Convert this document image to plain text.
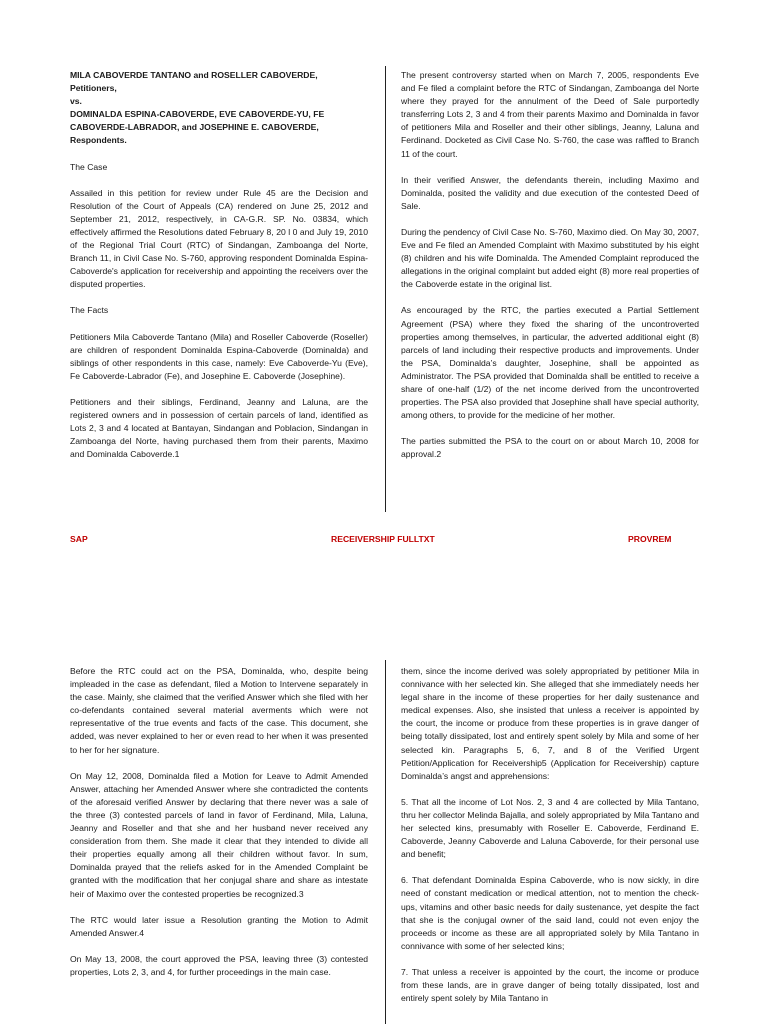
MILA CABOVERDE TANTANO and ROSELLER CABOVERDE,

Petitioners,

vs.

DOMINALDA ESPINA-CABOVERDE, EVE CABOVERDE-YU, FE

CABOVERDE-LABRADOR, and JOSEPHINE E. CABOVERDE,

Respondents.

The Case

Assailed in this petition for review under Rule 45 are the Decision and Resolution of the Court of Appeals (CA) rendered on June 25, 2012 and September 21, 2012, respectively, in CA-G.R. SP. No. 03834, which effectively affirmed the Resolutions dated February 8, 20 l 0 and July 19, 2010 of the Regional Trial Court (RTC) of Sindangan, Zamboanga del Norte, Branch 11, in Civil Case No. S-760, approving respondent Dominalda Espina-Caboverde's application for receivership and appointing the receivers over the disputed properties.

The Facts

Petitioners Mila Caboverde Tantano (Mila) and Roseller Caboverde (Roseller) are children of respondent Dominalda Espina-Caboverde (Dominalda) and siblings of other respondents in this case, namely: Eve Caboverde-Yu (Eve), Fe Caboverde-Labrador (Fe), and Josephine E. Caboverde (Josephine).

Petitioners and their siblings, Ferdinand, Jeanny and Laluna, are the registered owners and in possession of certain parcels of land, identified as Lots 2, 3 and 4 located at Bantayan, Sindangan and Poblacion, Sindangan in Zamboanga del Norte, having purchased them from their parents, Maximo and Dominalda Caboverde.1

The present controversy started when on March 7, 2005, respondents Eve and Fe filed a complaint before the RTC of Sindangan, Zamboanga del Norte where they prayed for the annulment of the Deed of Sale purportedly transferring Lots 2, 3 and 4 from their parents Maximo and Dominalda in favor of petitioners Mila and Roseller and their other siblings, Jeanny, Laluna and Ferdinand. Docketed as Civil Case No. S-760, the case was raffled to Branch 11 of the court.

In their verified Answer, the defendants therein, including Maximo and Dominalda, posited the validity and due execution of the contested Deed of Sale.

During the pendency of Civil Case No. S-760, Maximo died. On May 30, 2007, Eve and Fe filed an Amended Complaint with Maximo substituted by his eight (8) children and his wife Dominalda. The Amended Complaint reproduced the allegations in the original complaint but added eight (8) more real properties of the Caboverde estate in the original list.

As encouraged by the RTC, the parties executed a Partial Settlement Agreement (PSA) where they fixed the sharing of the uncontroverted properties among themselves, in particular, the adverted additional eight (8) parcels of land including their respective products and improvements. Under the PSA, Dominalda’s daughter, Josephine, shall be appointed as Administrator. The PSA provided that Dominalda shall be entitled to receive a share of one-half (1/2) of the net income derived from the uncontroverted properties. The PSA also provided that Josephine shall have special authority, among others, to provide for the medicine of her mother.

The parties submitted the PSA to the court on or about March 10, 2008 for approval.2

SAP	RECEIVERSHIP FULLTXT	PROVREM

Before the RTC could act on the PSA, Dominalda, who, despite being impleaded in the case as defendant, filed a Motion to Intervene separately in the case. Mainly, she claimed that the verified Answer which she filed with her co-defendants contained several material averments which were not representative of the true events and facts of the case. This document, she added, was never explained to her or even read to her when it was presented to her for her signature.

On May 12, 2008, Dominalda filed a Motion for Leave to Admit Amended Answer, attaching her Amended Answer where she contradicted the contents of the aforesaid verified Answer by declaring that there never was a sale of the three (3) contested parcels of land in favor of Ferdinand, Mila, Laluna, Jeanny and Roseller and that she and her husband never received any consideration from them. She made it clear that they intended to divide all their properties equally among all their children without favor. In sum, Dominalda prayed that the reliefs asked for in the Amended Complaint be granted with the modification that her conjugal share and share as intestate heir of Maximo over the contested properties be recognized.3

The RTC would later issue a Resolution granting the Motion to Admit Amended Answer.4

On May 13, 2008, the court approved the PSA, leaving three (3) contested properties, Lots 2, 3, and 4, for further proceedings in the main case.

them, since the income derived was solely appropriated by petitioner Mila in connivance with her selected kin. She alleged that she immediately needs her legal share in the income of these properties for her daily sustenance and medical expenses. Also, she insisted that unless a receiver is appointed by the court, the income or produce from these properties is in grave danger of being totally dissipated, lost and entirely spent solely by Mila and some of her selected kin. Paragraphs 5, 6, 7, and 8 of the Verified Urgent Petition/Application for Receivership5 (Application for Receivership) capture Dominalda’s angst and apprehensions:

5. That all the income of Lot Nos. 2, 3 and 4 are collected by Mila Tantano, thru her collector Melinda Bajalla, and solely appropriated by Mila Tantano and her selected kins, presumably with Roseller E. Caboverde, Ferdinand E. Caboverde, Jeanny Caboverde and Laluna Caboverde, for their personal use and benefit;

6. That defendant Dominalda Espina Caboverde, who is now sickly, in dire need of constant medication or medical attention, not to mention the check-ups, vitamins and other basic needs for daily sustenance, yet despite the fact that she is the conjugal owner of the said land, could not even enjoy the proceeds or income as these are all appropriated solely by Mila Tantano in connivance with some of her selected kins;

7. That unless a receiver is appointed by the court, the income or produce from these lands, are in grave danger of being totally dissipated, lost and entirely spent solely by Mila Tantano in
